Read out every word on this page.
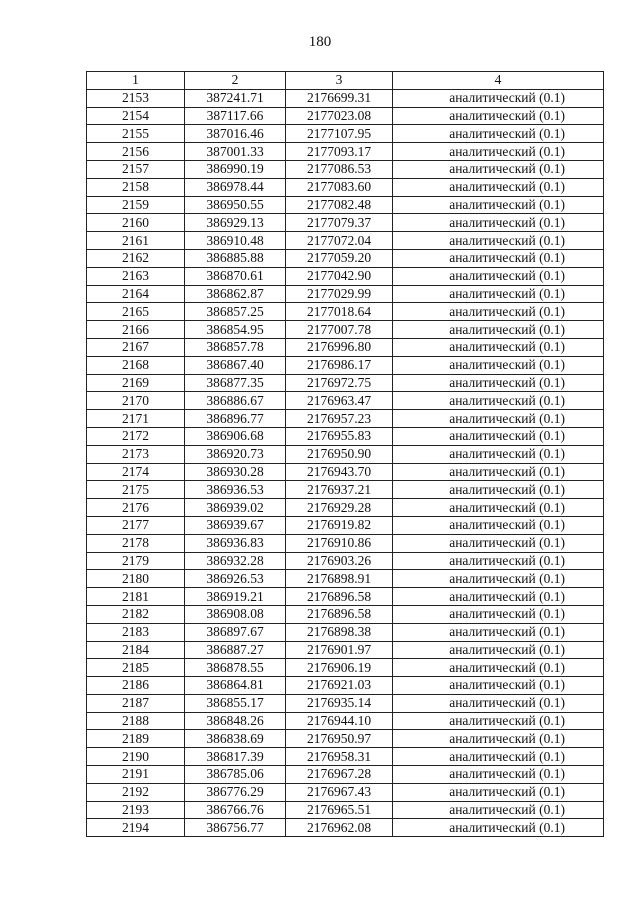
180
1	2	3	4
2153	387241.71	2176699.31	аналитический (0.1)
2154	387117.66	2177023.08	аналитический (0.1)
2155	387016.46	2177107.95	аналитический (0.1)
2156	387001.33	2177093.17	аналитический (0.1)
2157	386990.19	2177086.53	аналитический (0.1)
2158	386978.44	2177083.60	аналитический (0.1)
2159	386950.55	2177082.48	аналитический (0.1)
2160	386929.13	2177079.37	аналитический (0.1)
2161	386910.48	2177072.04	аналитический (0.1)
2162	386885.88	2177059.20	аналитический (0.1)
2163	386870.61	2177042.90	аналитический (0.1)
2164	386862.87	2177029.99	аналитический (0.1)
2165	386857.25	2177018.64	аналитический (0.1)
2166	386854.95	2177007.78	аналитический (0.1)
2167	386857.78	2176996.80	аналитический (0.1)
2168	386867.40	2176986.17	аналитический (0.1)
2169	386877.35	2176972.75	аналитический (0.1)
2170	386886.67	2176963.47	аналитический (0.1)
2171	386896.77	2176957.23	аналитический (0.1)
2172	386906.68	2176955.83	аналитический (0.1)
2173	386920.73	2176950.90	аналитический (0.1)
2174	386930.28	2176943.70	аналитический (0.1)
2175	386936.53	2176937.21	аналитический (0.1)
2176	386939.02	2176929.28	аналитический (0.1)
2177	386939.67	2176919.82	аналитический (0.1)
2178	386936.83	2176910.86	аналитический (0.1)
2179	386932.28	2176903.26	аналитический (0.1)
2180	386926.53	2176898.91	аналитический (0.1)
2181	386919.21	2176896.58	аналитический (0.1)
2182	386908.08	2176896.58	аналитический (0.1)
2183	386897.67	2176898.38	аналитический (0.1)
2184	386887.27	2176901.97	аналитический (0.1)
2185	386878.55	2176906.19	аналитический (0.1)
2186	386864.81	2176921.03	аналитический (0.1)
2187	386855.17	2176935.14	аналитический (0.1)
2188	386848.26	2176944.10	аналитический (0.1)
2189	386838.69	2176950.97	аналитический (0.1)
2190	386817.39	2176958.31	аналитический (0.1)
2191	386785.06	2176967.28	аналитический (0.1)
2192	386776.29	2176967.43	аналитический (0.1)
2193	386766.76	2176965.51	аналитический (0.1)
2194	386756.77	2176962.08	аналитический (0.1)
